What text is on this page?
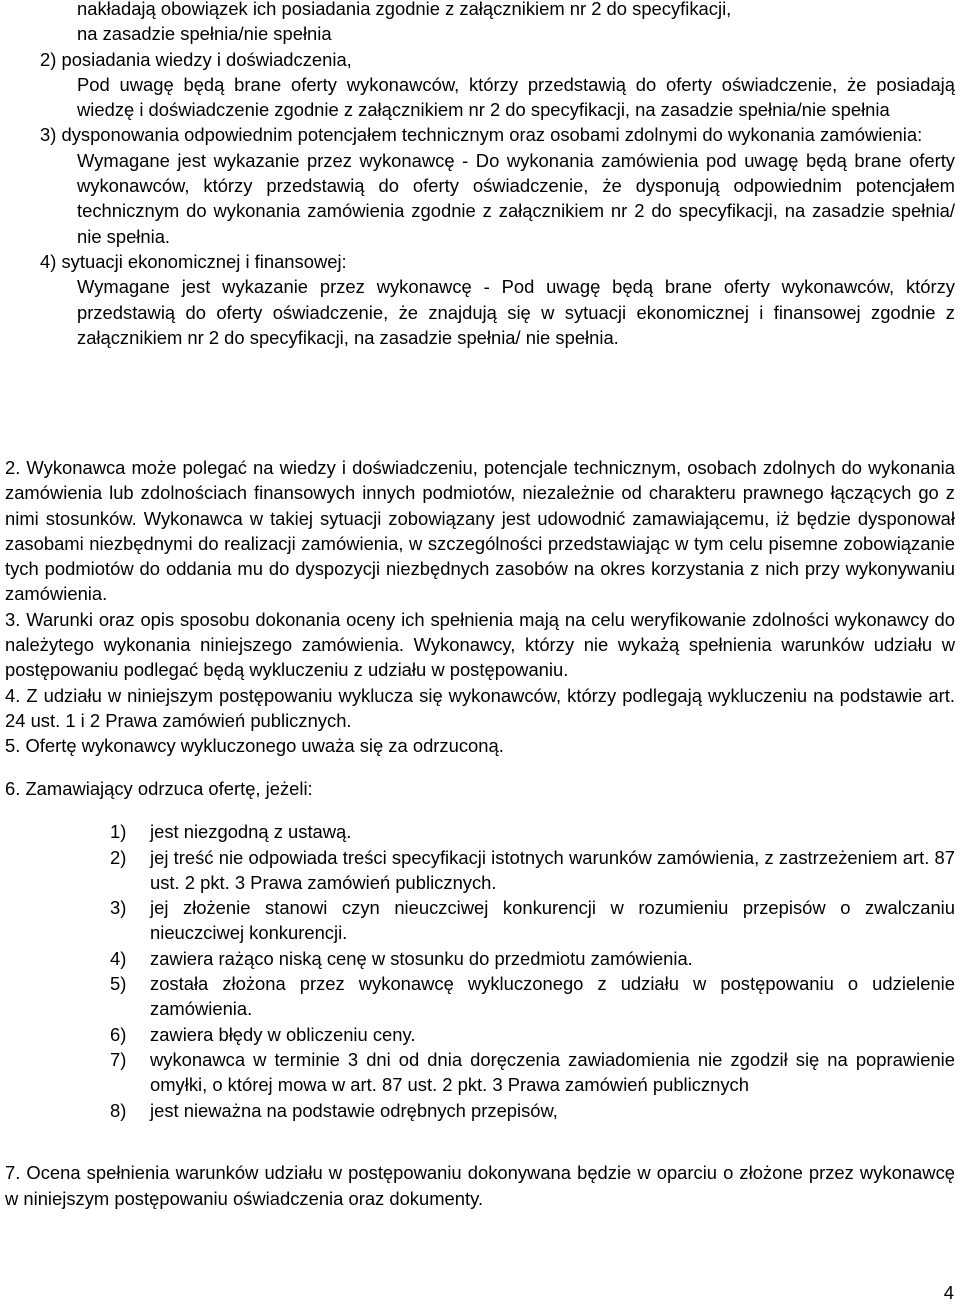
nakładają obowiązek ich posiadania zgodnie z załącznikiem nr 2 do specyfikacji,

na zasadzie spełnia/nie spełnia

2) posiadania wiedzy i doświadczenia,

Pod uwagę będą brane oferty wykonawców, którzy przedstawią do oferty oświadczenie, że posiadają wiedzę i doświadczenie zgodnie z załącznikiem nr 2 do specyfikacji, na zasadzie spełnia/nie spełnia

3) dysponowania odpowiednim potencjałem technicznym oraz osobami zdolnymi do wykonania zamówienia:

Wymagane jest wykazanie przez wykonawcę - Do wykonania zamówienia pod uwagę będą brane oferty wykonawców, którzy przedstawią do oferty oświadczenie, że dysponują odpowiednim potencjałem technicznym do wykonania zamówienia zgodnie z załącznikiem nr 2 do specyfikacji, na zasadzie spełnia/ nie spełnia.

4) sytuacji ekonomicznej i finansowej:

Wymagane jest wykazanie przez wykonawcę - Pod uwagę będą brane oferty wykonawców, którzy przedstawią do oferty oświadczenie, że znajdują się w sytuacji ekonomicznej i finansowej zgodnie z załącznikiem nr 2 do specyfikacji, na zasadzie spełnia/ nie spełnia.

2. Wykonawca może polegać na wiedzy i doświadczeniu, potencjale technicznym, osobach zdolnych do wykonania zamówienia lub zdolnościach finansowych innych podmiotów, niezależnie od charakteru prawnego łączących go z nimi stosunków. Wykonawca w takiej sytuacji zobowiązany jest udowodnić zamawiającemu, iż będzie dysponował zasobami niezbędnymi do realizacji zamówienia, w szczególności przedstawiając w tym celu pisemne zobowiązanie tych podmiotów do oddania mu do dyspozycji niezbędnych zasobów na okres korzystania z nich przy wykonywaniu zamówienia.

3. Warunki oraz opis sposobu dokonania oceny ich spełnienia mają na celu weryfikowanie zdolności wykonawcy do należytego wykonania niniejszego zamówienia. Wykonawcy, którzy nie wykażą spełnienia warunków udziału w postępowaniu podlegać będą wykluczeniu z udziału w postępowaniu.

4. Z udziału w niniejszym postępowaniu wyklucza się wykonawców, którzy podlegają wykluczeniu na podstawie art. 24 ust. 1 i 2 Prawa zamówień publicznych.

5. Ofertę wykonawcy wykluczonego uważa się za odrzuconą.

6. Zamawiający odrzuca ofertę, jeżeli:

1) jest niezgodną z ustawą.
2) jej treść nie odpowiada treści specyfikacji istotnych warunków zamówienia, z zastrzeżeniem art. 87 ust. 2 pkt. 3 Prawa zamówień publicznych.
3) jej złożenie stanowi czyn nieuczciwej konkurencji w rozumieniu przepisów o zwalczaniu nieuczciwej konkurencji.
4) zawiera rażąco niską cenę w stosunku do przedmiotu zamówienia.
5) została złożona przez wykonawcę wykluczonego z udziału w postępowaniu o udzielenie zamówienia.
6) zawiera błędy w obliczeniu ceny.
7) wykonawca w terminie 3 dni od dnia doręczenia zawiadomienia nie zgodził się na poprawienie omyłki, o której mowa w art. 87 ust. 2 pkt. 3 Prawa zamówień publicznych
8) jest nieważna na podstawie odrębnych przepisów,

7. Ocena spełnienia warunków udziału w postępowaniu dokonywana będzie w oparciu o złożone przez wykonawcę w niniejszym postępowaniu oświadczenia oraz dokumenty.

4
